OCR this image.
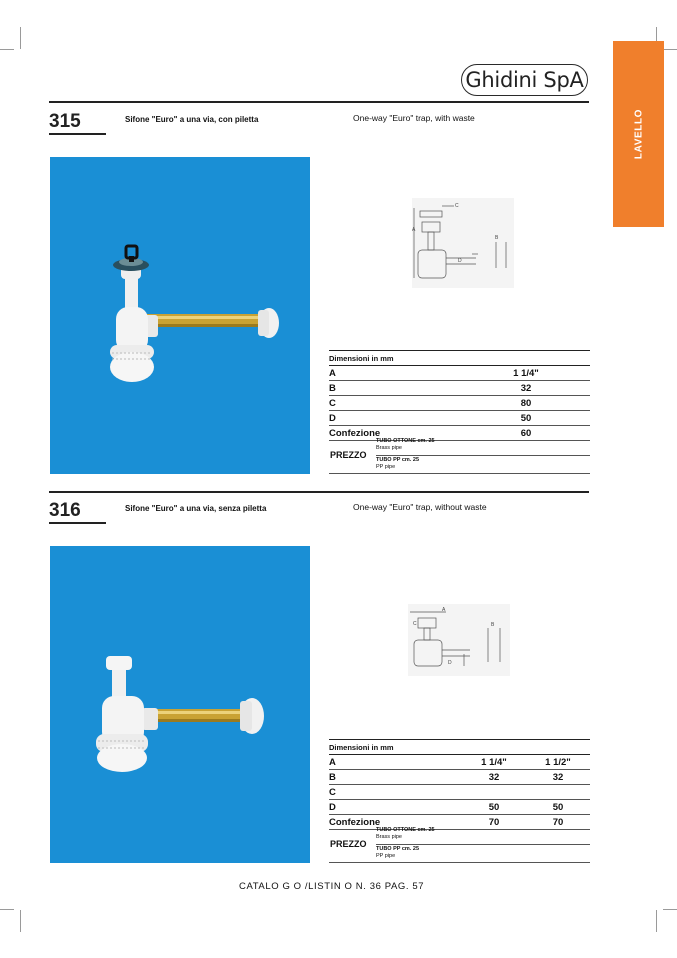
Ghidini SpA
LAVELLO
315	Sifone "Euro" a una via, con piletta	One-way "Euro" trap, with waste
A
B
C
D
Dimensioni in mm	
A	1 1/4"
B	32
C	80
D	50
Confezione	60
PREZZO
TUBO OTTONE cm. 25
Brass pipe
TUBO PP cm. 25
PP pipe
316	Sifone "Euro" a una via, senza piletta	One-way "Euro" trap, without waste
A
B
C
D
Dimensioni in mm		
A	1 1/4"	1 1/2"
B	32	32
C		
D	50	50
Confezione	70	70
PREZZO
TUBO OTTONE cm. 25
Brass pipe
TUBO PP cm. 25
PP pipe
CATALO G O /LISTIN O N. 36 PAG. 57
